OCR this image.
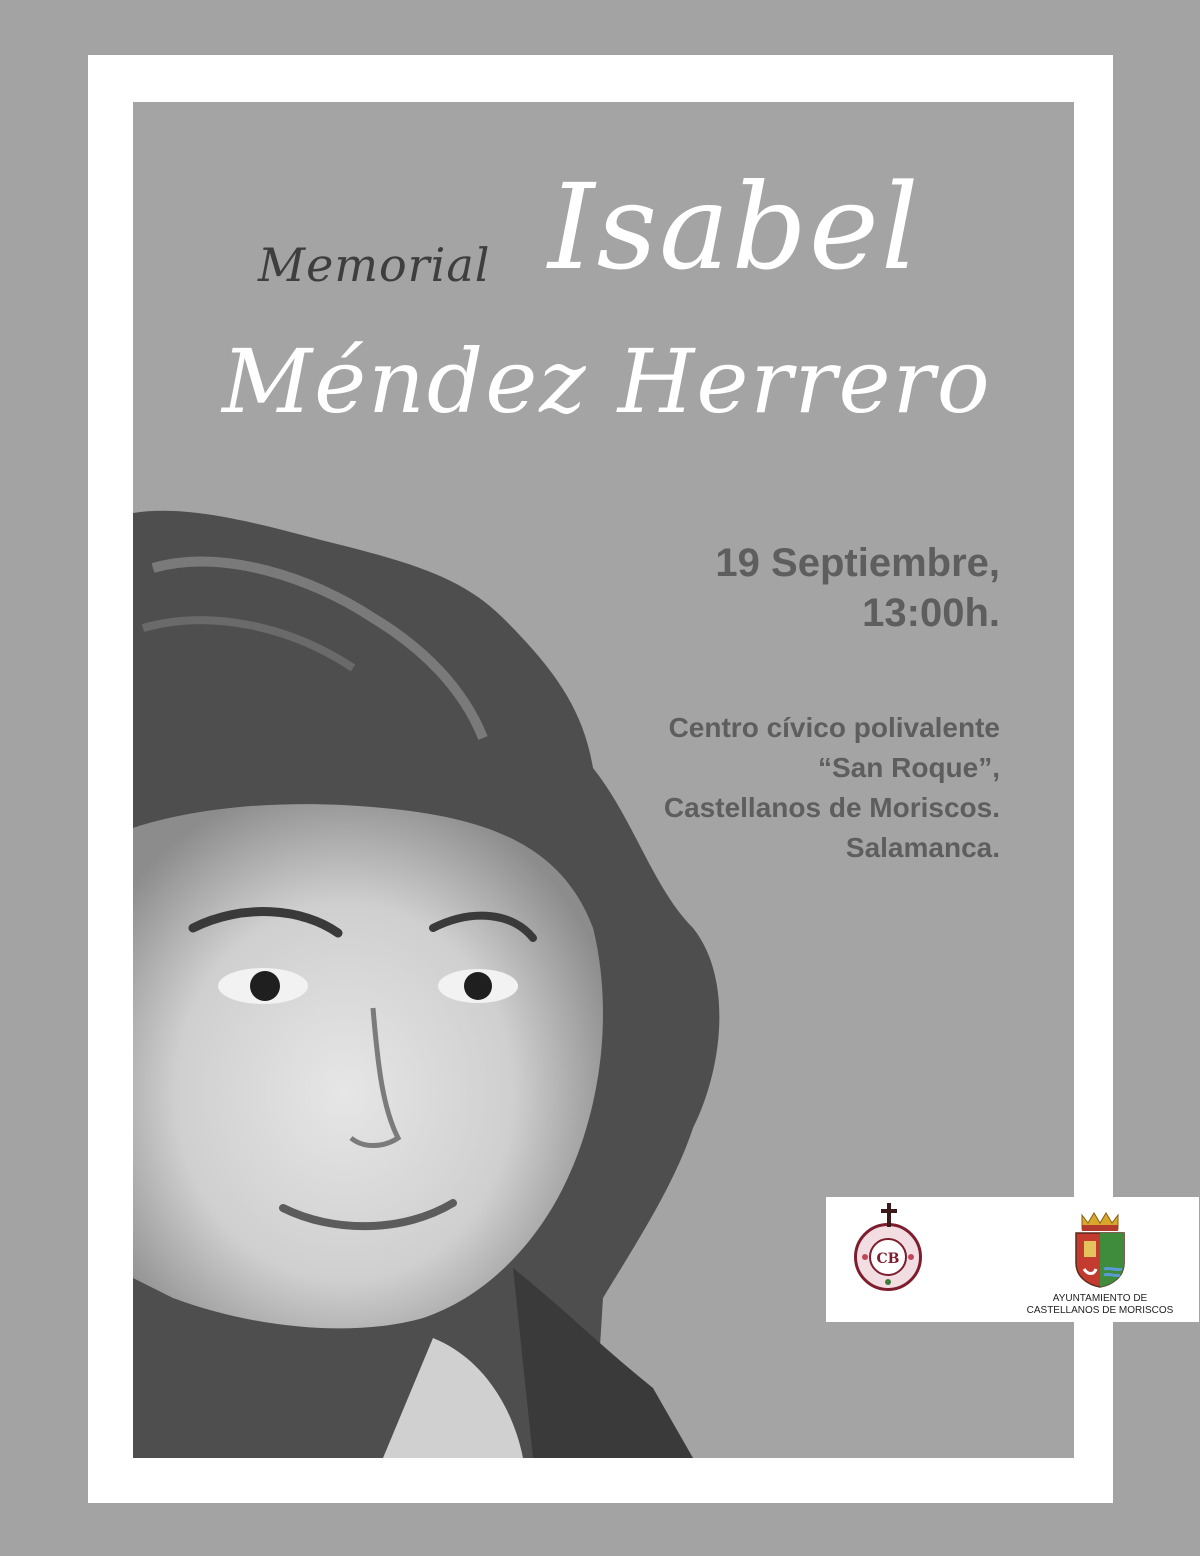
Memorial Isabel
Méndez Herrero
19 Septiembre,
13:00h.
Centro cívico polivalente
“San Roque”,
Castellanos de Moriscos.
Salamanca.
CB
AYUNTAMIENTO DE
CASTELLANOS DE MORISCOS
